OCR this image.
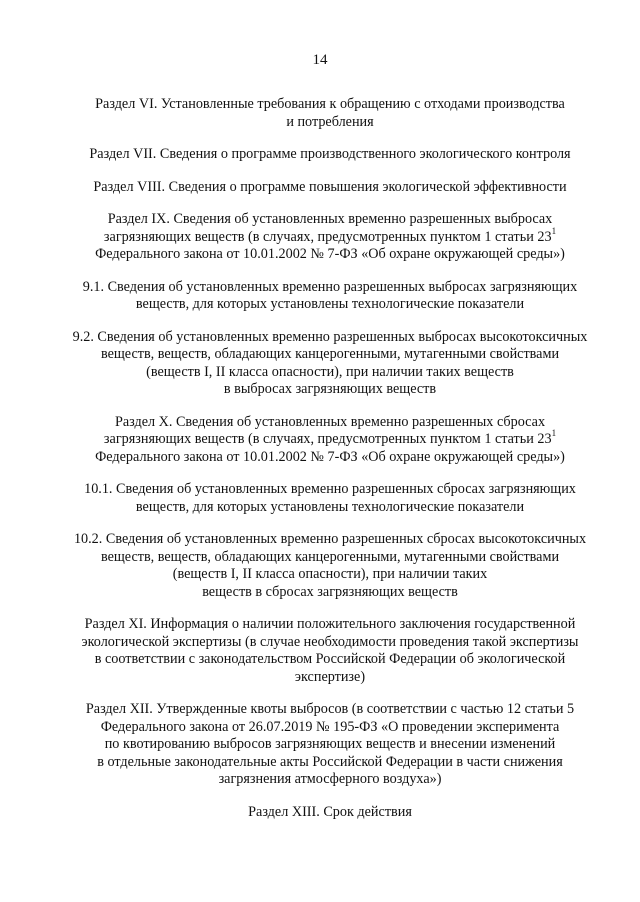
14

Раздел VI. Установленные требования к обращению с отходами производства
и потребления

Раздел VII. Сведения о программе производственного экологического контроля

Раздел VIII. Сведения о программе повышения экологической эффективности

Раздел IX. Сведения об установленных временно разрешенных выбросах
загрязняющих веществ (в случаях, предусмотренных пунктом 1 статьи $23^1$
Федерального закона от 10.01.2002 № 7-ФЗ «Об охране окружающей среды»)

9.1. Сведения об установленных временно разрешенных выбросах загрязняющих
веществ, для которых установлены технологические показатели

9.2. Сведения об установленных временно разрешенных выбросах высокотоксичных
веществ, веществ, обладающих канцерогенными, мутагенными свойствами
(веществ I, II класса опасности), при наличии таких веществ
в выбросах загрязняющих веществ

Раздел X. Сведения об установленных временно разрешенных сбросах
загрязняющих веществ (в случаях, предусмотренных пунктом 1 статьи $23^1$
Федерального закона от 10.01.2002 № 7-ФЗ «Об охране окружающей среды»)

10.1. Сведения об установленных временно разрешенных сбросах загрязняющих
веществ, для которых установлены технологические показатели

10.2. Сведения об установленных временно разрешенных сбросах высокотоксичных
веществ, веществ, обладающих канцерогенными, мутагенными свойствами
(веществ I, II класса опасности), при наличии таких
веществ в сбросах загрязняющих веществ

Раздел XI. Информация о наличии положительного заключения государственной
экологической экспертизы (в случае необходимости проведения такой экспертизы
в соответствии с законодательством Российской Федерации об экологической
экспертизе)

Раздел XII. Утвержденные квоты выбросов (в соответствии с частью 12 статьи 5
Федерального закона от 26.07.2019 № 195-ФЗ «О проведении эксперимента
по квотированию выбросов загрязняющих веществ и внесении изменений
в отдельные законодательные акты Российской Федерации в части снижения
загрязнения атмосферного воздуха»)

Раздел XIII. Срок действия
